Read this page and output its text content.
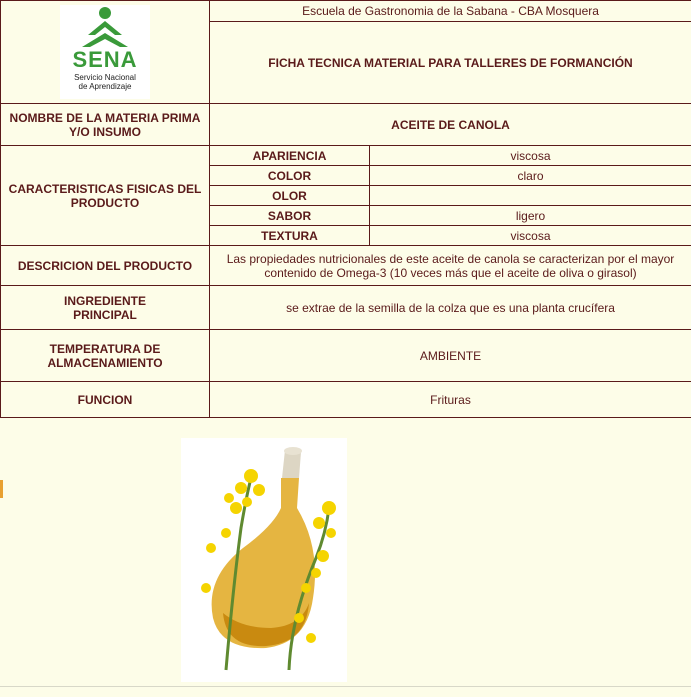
SENA
Servicio Nacional
de Aprendizaje	Escuela de Gastronomia de la Sabana - CBA Mosquera	
	FICHA TECNICA MATERIAL PARA TALLERES DE FORMANCIÓN	
NOMBRE DE LA MATERIA PRIMA Y/O INSUMO	ACEITE DE CANOLA	
CARACTERISTICAS FISICAS DEL PRODUCTO	APARIENCIA	viscosa
	COLOR	claro
	OLOR	
	SABOR	ligero
	TEXTURA	viscosa
DESCRICION DEL PRODUCTO	Las propiedades nutricionales de este aceite de canola se caracterizan por el mayor contenido de Omega-3 (10 veces más que el aceite de oliva o girasol)	

INGREDIENTE
PRINCIPAL	se extrae de la semilla de la colza que es una planta crucífera	
TEMPERATURA DE ALMACENAMIENTO	AMBIENTE	
FUNCION	Frituras	
